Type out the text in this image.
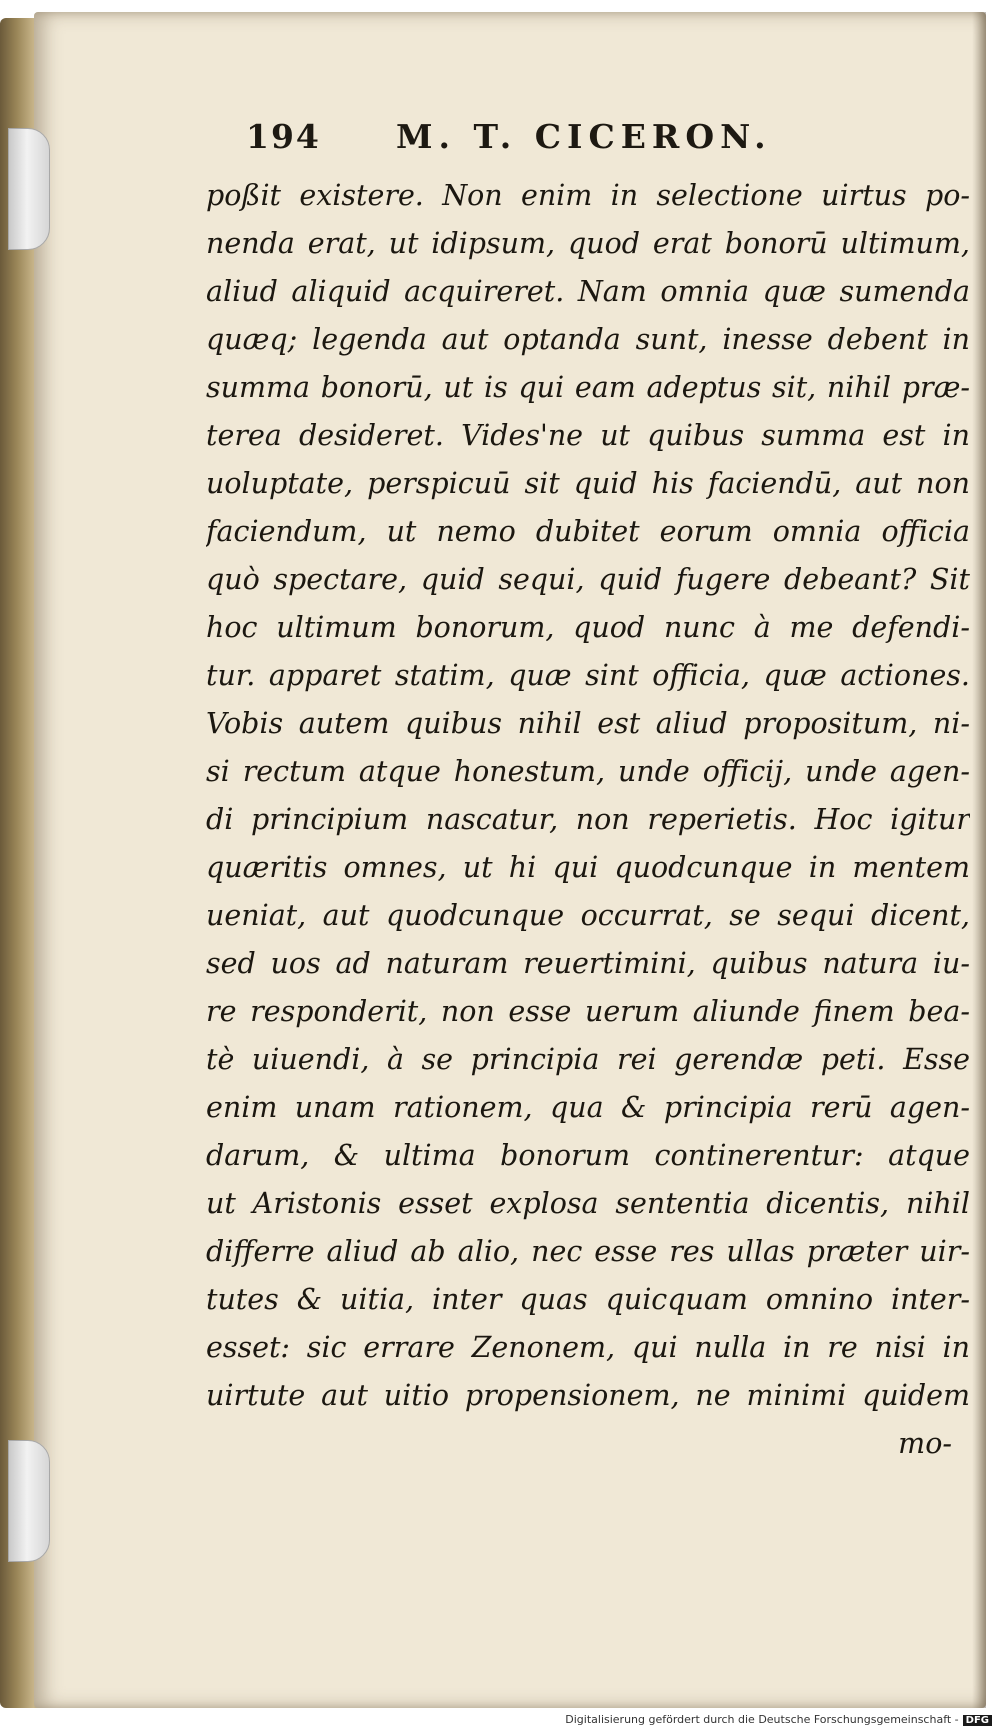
194 M. T. CICERON.
poßit existere. Non enim in selectione uirtus po-
nenda erat, ut idipsum, quod erat bonorū ultimum,
aliud aliquid acquireret. Nam omnia quæ sumenda
quæq; legenda aut optanda sunt, inesse debent in
summa bonorū, ut is qui eam adeptus sit, nihil præ-
terea desideret. Vides'ne ut quibus summa est in
uoluptate, perspicuū sit quid his faciendū, aut non
faciendum, ut nemo dubitet eorum omnia officia
quò spectare, quid sequi, quid fugere debeant? Sit
hoc ultimum bonorum, quod nunc à me defendi-
tur. apparet statim, quæ sint officia, quæ actiones.
Vobis autem quibus nihil est aliud propositum, ni-
si rectum atque honestum, unde officij, unde agen-
di principium nascatur, non reperietis. Hoc igitur
quæritis omnes, ut hi qui quodcunque in mentem
ueniat, aut quodcunque occurrat, se sequi dicent,
sed uos ad naturam reuertimini, quibus natura iu-
re responderit, non esse uerum aliunde finem bea-
tè uiuendi, à se principia rei gerendæ peti. Esse
enim unam rationem, qua & principia rerū agen-
darum, & ultima bonorum continerentur: atque
ut Aristonis esset explosa sententia dicentis, nihil
differre aliud ab alio, nec esse res ullas præter uir-
tutes & uitia, inter quas quicquam omnino inter-
esset: sic errare Zenonem, qui nulla in re nisi in
uirtute aut uitio propensionem, ne minimi quidem
mo-
Digitalisierung gefördert durch die Deutsche Forschungsgemeinschaft - DFG
